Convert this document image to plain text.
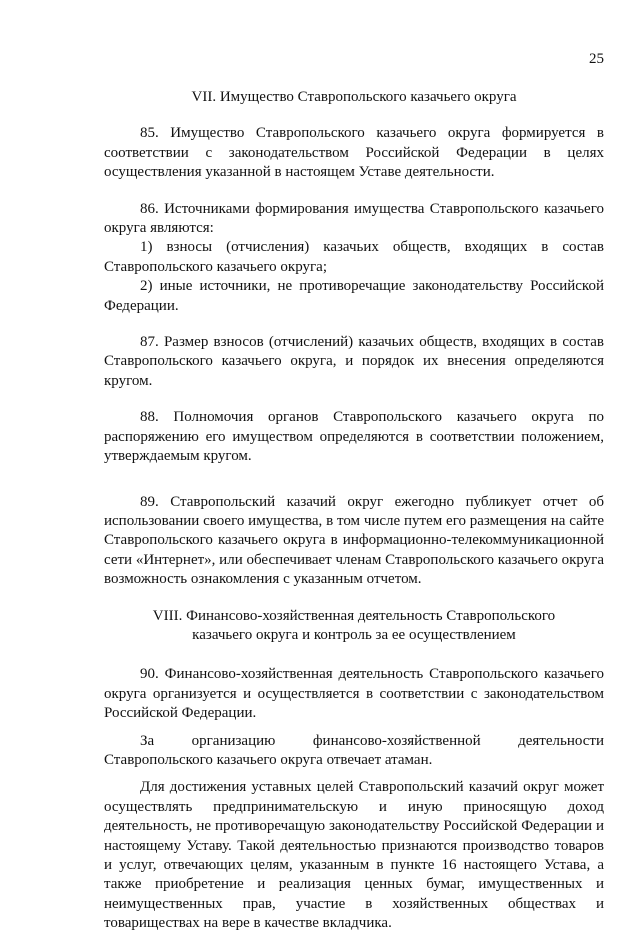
25

VII. Имущество Ставропольского казачьего округа

85. Имущество Ставропольского казачьего округа формируется в соответствии с законодательством Российской Федерации в целях осуществления указанной в настоящем Уставе деятельности.

86. Источниками формирования имущества Ставропольского казачьего округа являются:

1) взносы (отчисления) казачьих обществ, входящих в состав Ставропольского казачьего округа;

2) иные источники, не противоречащие законодательству Российской Федерации.

87. Размер взносов (отчислений) казачьих обществ, входящих в состав Ставропольского казачьего округа, и порядок их внесения определяются кругом.

88. Полномочия органов Ставропольского казачьего округа по распоряжению его имуществом определяются в соответствии положением, утверждаемым кругом.

89. Ставропольский казачий округ ежегодно публикует отчет об использовании своего имущества, в том числе путем его размещения на сайте Ставропольского казачьего округа в информационно-телекоммуникационной сети «Интернет», или обеспечивает членам Ставропольского казачьего округа возможность ознакомления с указанным отчетом.

VIII. Финансово-хозяйственная деятельность Ставропольского
казачьего округа и контроль за ее осуществлением

90. Финансово-хозяйственная деятельность Ставропольского казачьего округа организуется и осуществляется в соответствии с законодательством Российской Федерации.

За организацию финансово-хозяйственной деятельности Ставропольского казачьего округа отвечает атаман.

Для достижения уставных целей Ставропольский казачий округ может осуществлять предпринимательскую и иную приносящую доход деятельность, не противоречащую законодательству Российской Федерации и настоящему Уставу. Такой деятельностью признаются производство товаров и услуг, отвечающих целям, указанным в пункте 16 настоящего Устава, а также приобретение и реализация ценных бумаг, имущественных и неимущественных прав, участие в хозяйственных обществах и товариществах на вере в качестве вкладчика.
